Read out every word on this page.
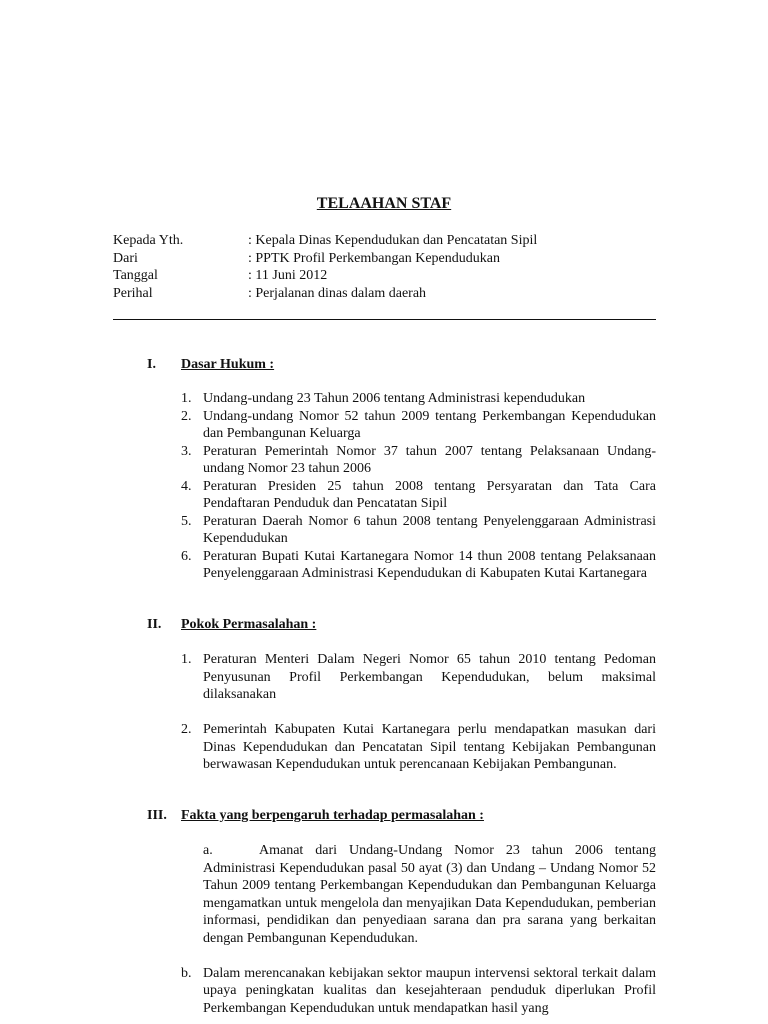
TELAAHAN STAF
Kepada Yth.	: Kepala Dinas Kependudukan dan Pencatatan Sipil
Dari	: PPTK Profil Perkembangan Kependudukan
Tanggal	: 11 Juni 2012
Perihal	: Perjalanan dinas dalam daerah
I.	Dasar Hukum :
1. Undang-undang 23 Tahun 2006 tentang Administrasi kependudukan
2. Undang-undang Nomor 52 tahun 2009 tentang Perkembangan Kependudukan dan Pembangunan Keluarga
3. Peraturan Pemerintah Nomor 37 tahun 2007 tentang Pelaksanaan Undang-undang Nomor 23 tahun 2006
4. Peraturan Presiden 25 tahun 2008 tentang Persyaratan dan Tata Cara Pendaftaran Penduduk dan Pencatatan Sipil
5. Peraturan Daerah Nomor 6 tahun 2008 tentang Penyelenggaraan Administrasi Kependudukan
6. Peraturan Bupati Kutai Kartanegara Nomor 14 thun 2008 tentang Pelaksanaan Penyelenggaraan Administrasi Kependudukan di Kabupaten Kutai Kartanegara
II.	Pokok Permasalahan :
1. Peraturan Menteri Dalam Negeri Nomor 65 tahun 2010 tentang Pedoman Penyusunan Profil Perkembangan Kependudukan, belum maksimal dilaksanakan
2. Pemerintah Kabupaten Kutai Kartanegara perlu mendapatkan masukan dari Dinas Kependudukan dan Pencatatan Sipil tentang Kebijakan Pembangunan berwawasan Kependudukan untuk perencanaan Kebijakan Pembangunan.
III.	Fakta yang berpengaruh terhadap permasalahan :
a.	Amanat dari Undang-Undang Nomor 23 tahun 2006 tentang Administrasi Kependudukan pasal 50 ayat (3) dan Undang – Undang Nomor 52 Tahun 2009 tentang Perkembangan Kependudukan dan Pembangunan Keluarga mengamatkan untuk mengelola dan menyajikan Data Kependudukan, pemberian informasi, pendidikan dan penyediaan sarana dan pra sarana yang berkaitan dengan Pembangunan Kependudukan.
b. Dalam merencanakan kebijakan sektor maupun intervensi sektoral terkait dalam upaya peningkatan kualitas dan kesejahteraan penduduk diperlukan Profil Perkembangan Kependudukan untuk mendapatkan hasil yang
